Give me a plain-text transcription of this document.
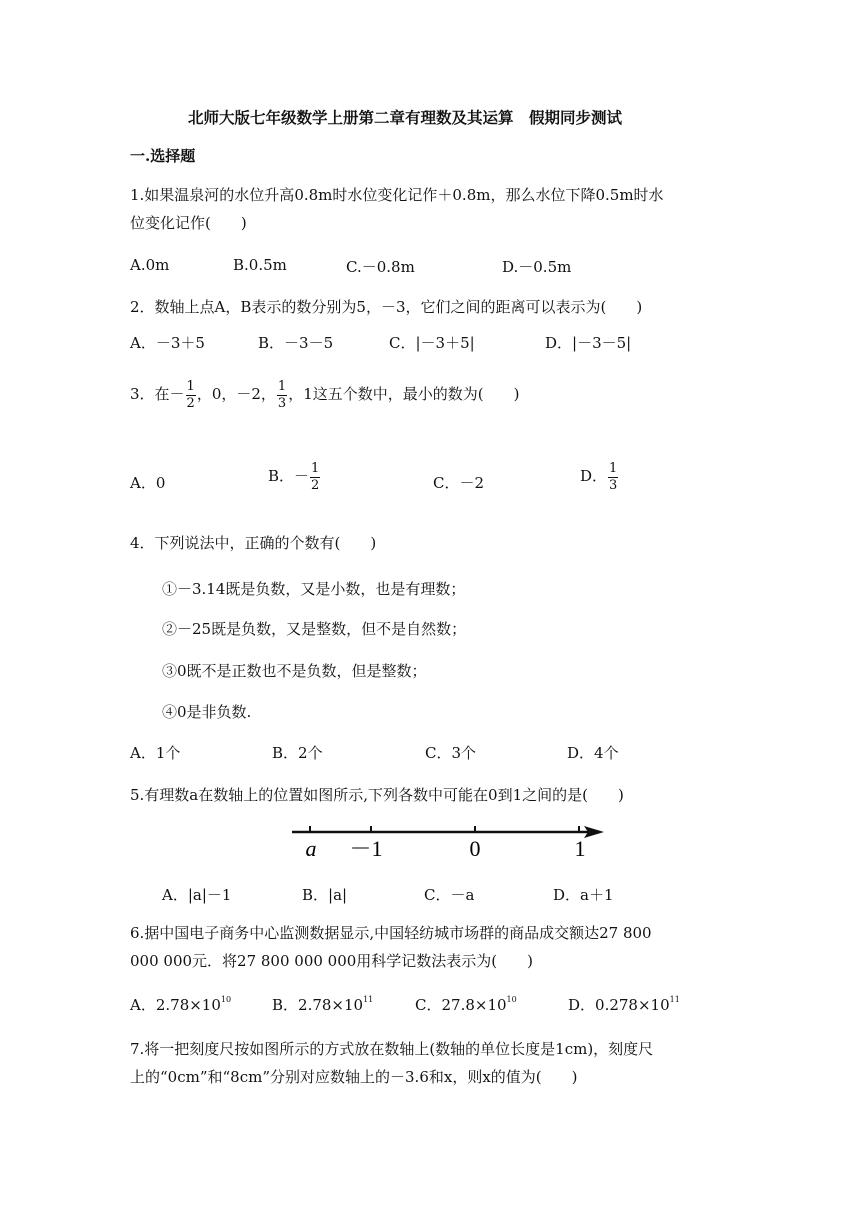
北师大版七年级数学上册第二章有理数及其运算　假期同步测试
一.选择题
1.如果温泉河的水位升高0.8m时水位变化记作＋0.8m，那么水位下降0.5m时水
位变化记作(　　)
A.0m	B.0.5m	C.－0.8m	D.－0.5m
2．数轴上点A，B表示的数分别为5，－3，它们之间的距离可以表示为(　　)
A．－3＋5	B．－3－5	C．|－3＋5|	D．|－3－5|
3．在－ $\frac{1}{2}$ ，0，－2， $\frac{1}{3}$ ，1这五个数中，最小的数为(　　)
A．0	B．－ $\frac{1}{2}$	C．－2	D． $\frac{1}{3}$
4．下列说法中，正确的个数有(　　)
①－3.14既是负数，又是小数，也是有理数；
②－25既是负数，又是整数，但不是自然数；
③0既不是正数也不是负数，但是整数；
④0是非负数.
A．1个	B．2个	C．3个	D．4个
5.有理数a在数轴上的位置如图所示,下列各数中可能在0到1之间的是(　　)
a －1	0	1
A．|a|－1	B．|a|	C．－a	D．a＋1
6.据中国电子商务中心监测数据显示,中国轻纺城市场群的商品成交额达27 800
000 000元．将27 800 000 000用科学记数法表示为(　　)
A．$2.78\times 10^{10}$	B．$2.78\times 10^{11}$	C．$27.8\times 10^{10}$	D．$0.278\times 10^{11}$
7.将一把刻度尺按如图所示的方式放在数轴上(数轴的单位长度是1cm)，刻度尺
上的“0cm”和“8cm”分别对应数轴上的－3.6和x，则x的值为(　　)
